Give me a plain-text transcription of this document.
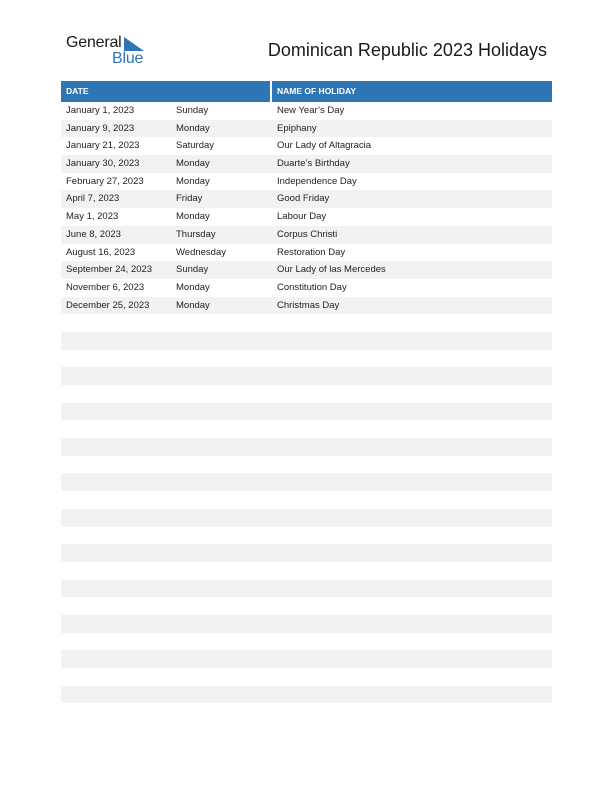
General
Blue	Dominican Republic 2023 Holidays
DATE	NAME OF HOLIDAY
January 1, 2023	Sunday	New Year’s Day
January 9, 2023	Monday	Epiphany
January 21, 2023	Saturday	Our Lady of Altagracia
January 30, 2023	Monday	Duarte’s Birthday
February 27, 2023	Monday	Independence Day
April 7, 2023	Friday	Good Friday
May 1, 2023	Monday	Labour Day
June 8, 2023	Thursday	Corpus Christi
August 16, 2023	Wednesday	Restoration Day
September 24, 2023	Sunday	Our Lady of las Mercedes
November 6, 2023	Monday	Constitution Day
December 25, 2023	Monday	Christmas Day
